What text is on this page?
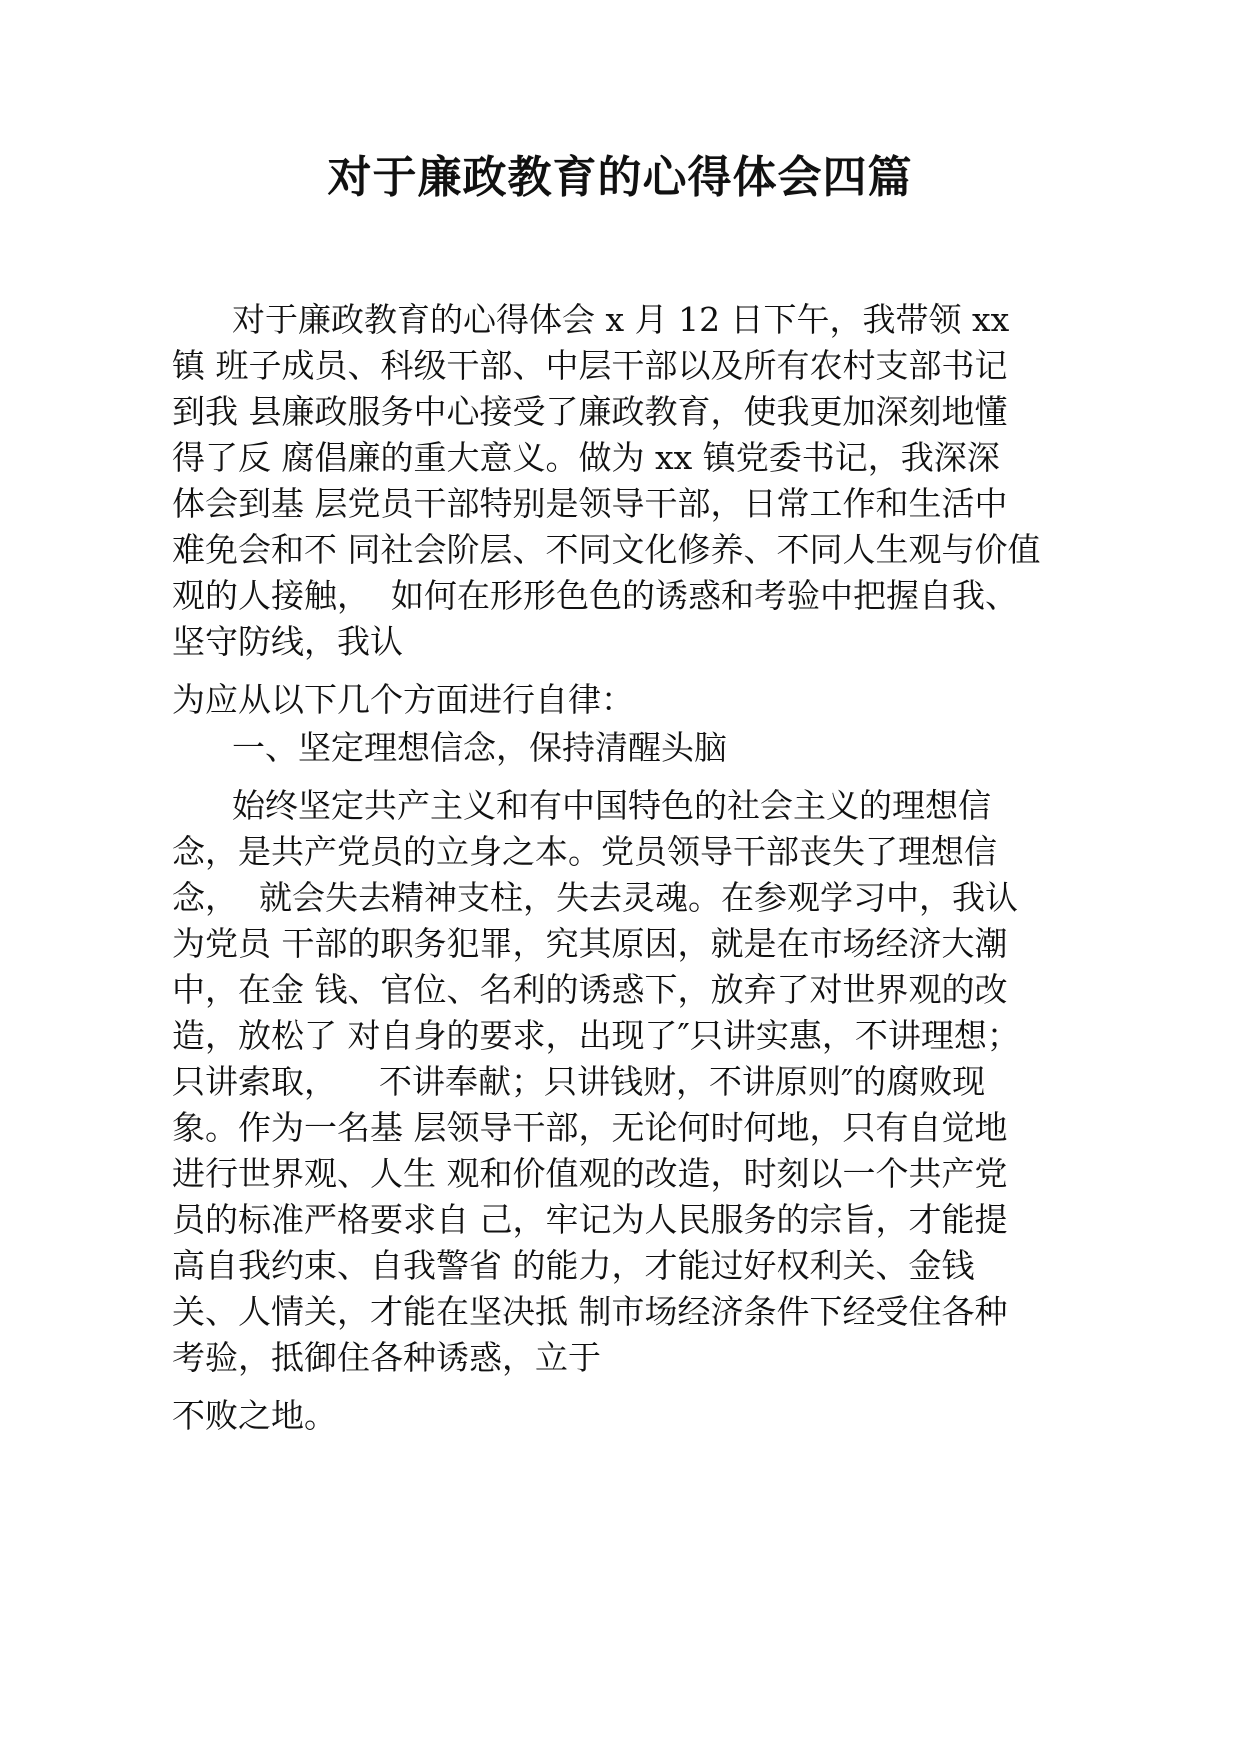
对于廉政教育的心得体会四篇
对于廉政教育的心得体会 x 月 12 日下午，我带领 xx
镇 班子成员、科级干部、中层干部以及所有农村支部书记
到我 县廉政服务中心接受了廉政教育，使我更加深刻地懂
得了反 腐倡廉的重大意义。做为 xx 镇党委书记，我深深
体会到基 层党员干部特别是领导干部，日常工作和生活中
难免会和不 同社会阶层、不同文化修养、不同人生观与价值
观的人接触，  如何在形形色色的诱惑和考验中把握自我、
坚守防线，我认
为应从以下几个方面进行自律：
一、坚定理想信念，保持清醒头脑
始终坚定共产主义和有中国特色的社会主义的理想信
念，是共产党员的立身之本。党员领导干部丧失了理想信
念，  就会失去精神支柱，失去灵魂。在参观学习中，我认
为党员 干部的职务犯罪，究其原因，就是在市场经济大潮
中，在金 钱、官位、名利的诱惑下，放弃了对世界观的改
造，放松了 对自身的要求，出现了″只讲实惠，不讲理想；
只讲索取，    不讲奉献；只讲钱财，不讲原则″的腐败现
象。作为一名基 层领导干部，无论何时何地，只有自觉地
进行世界观、人生 观和价值观的改造，时刻以一个共产党
员的标准严格要求自 己，牢记为人民服务的宗旨，才能提
高自我约束、自我警省 的能力，才能过好权利关、金钱
关、人情关，才能在坚决抵 制市场经济条件下经受住各种
考验，抵御住各种诱惑，立于
不败之地。
